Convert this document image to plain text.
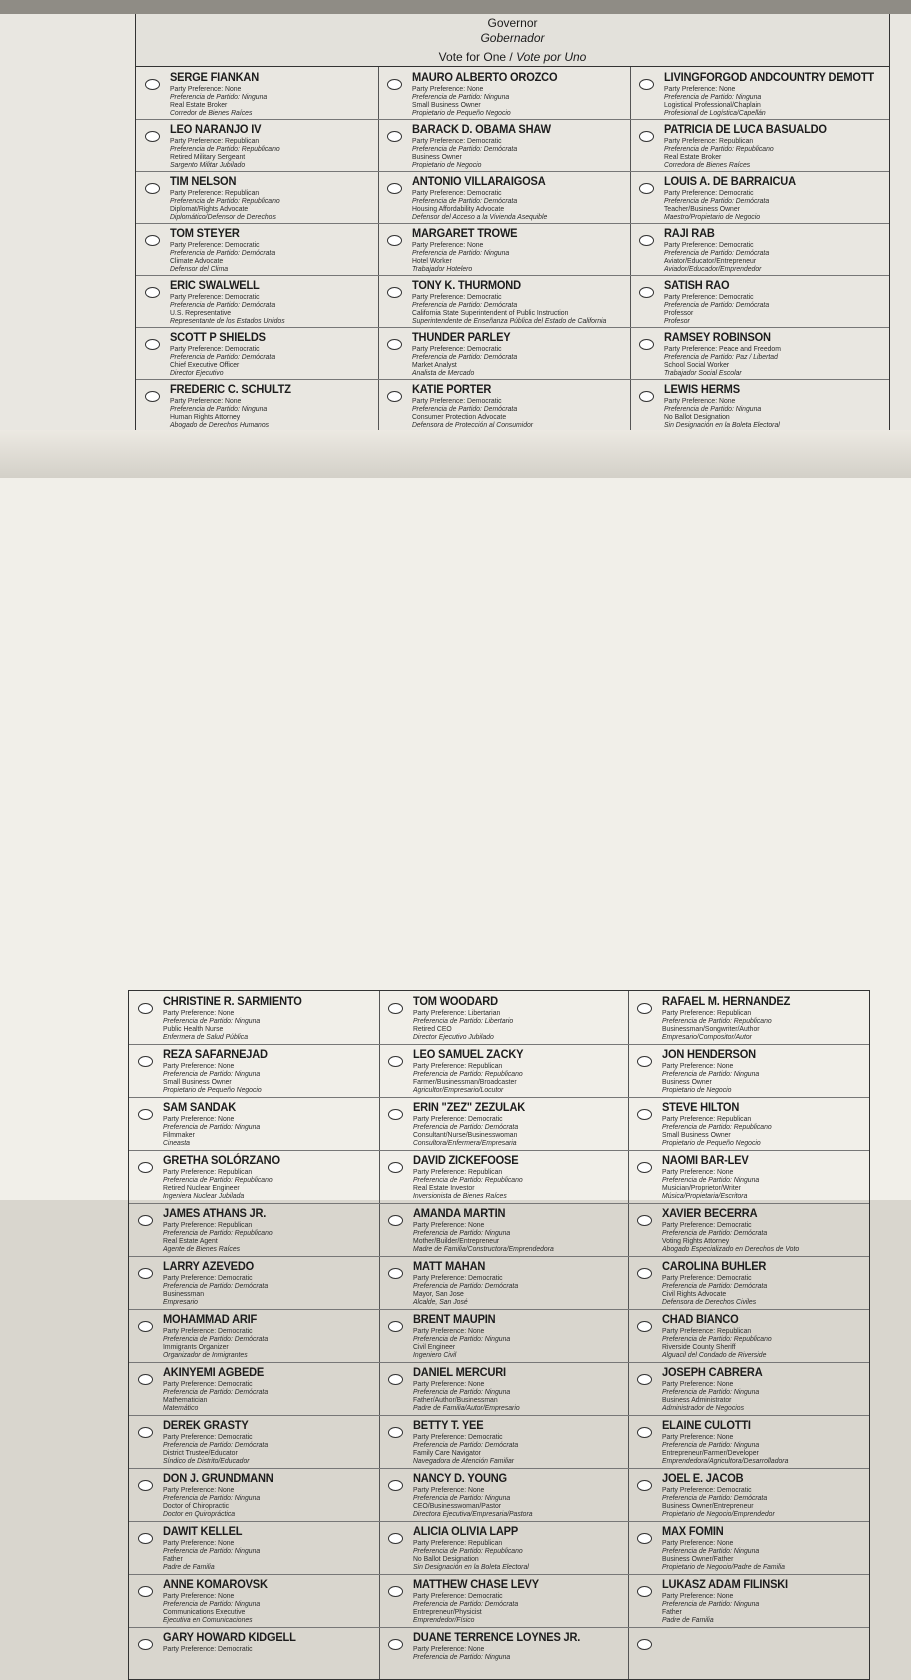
Governor
Gobernador
Vote for One / Vote por Uno
SERGE FIANKAN
Party Preference: None
Preferencia de Partido: Ninguna
Real Estate Broker
Corredor de Bienes Raíces
LEO NARANJO IV
Party Preference: Republican
Preferencia de Partido: Republicano
Retired Military Sergeant
Sargento Militar Jubilado
TIM NELSON
Party Preference: Republican
Preferencia de Partido: Republicano
Diplomat/Rights Advocate
Diplomático/Defensor de Derechos
TOM STEYER
Party Preference: Democratic
Preferencia de Partido: Demócrata
Climate Advocate
Defensor del Clima
ERIC SWALWELL
Party Preference: Democratic
Preferencia de Partido: Demócrata
U.S. Representative
Representante de los Estados Unidos
SCOTT P SHIELDS
Party Preference: Democratic
Preferencia de Partido: Demócrata
Chief Executive Officer
Director Ejecutivo
FREDERIC C. SCHULTZ
Party Preference: None
Preferencia de Partido: Ninguna
Human Rights Attorney
Abogado de Derechos Humanos
MAURO ALBERTO OROZCO
Party Preference: None
Preferencia de Partido: Ninguna
Small Business Owner
Propietario de Pequeño Negocio
BARACK D. OBAMA SHAW
Party Preference: Democratic
Preferencia de Partido: Demócrata
Business Owner
Propietario de Negocio
ANTONIO VILLARAIGOSA
Party Preference: Democratic
Preferencia de Partido: Demócrata
Housing Affordability Advocate
Defensor del Acceso a la Vivienda Asequible
MARGARET TROWE
Party Preference: None
Preferencia de Partido: Ninguna
Hotel Worker
Trabajador Hotelero
TONY K. THURMOND
Party Preference: Democratic
Preferencia de Partido: Demócrata
California State Superintendent of Public Instruction
Superintendente de Enseñanza Pública del Estado de California
THUNDER PARLEY
Party Preference: Democratic
Preferencia de Partido: Demócrata
Market Analyst
Analista de Mercado
KATIE PORTER
Party Preference: Democratic
Preferencia de Partido: Demócrata
Consumer Protection Advocate
Defensora de Protección al Consumidor
LIVINGFORGOD ANDCOUNTRY DEMOTT
Party Preference: None
Preferencia de Partido: Ninguna
Logistical Professional/Chaplain
Profesional de Logística/Capellán
PATRICIA DE LUCA BASUALDO
Party Preference: Republican
Preferencia de Partido: Republicano
Real Estate Broker
Corredora de Bienes Raíces
LOUIS A. DE BARRAICUA
Party Preference: Democratic
Preferencia de Partido: Demócrata
Teacher/Business Owner
Maestro/Propietario de Negocio
RAJI RAB
Party Preference: Democratic
Preferencia de Partido: Demócrata
Aviator/Educator/Entrepreneur
Aviador/Educador/Emprendedor
SATISH RAO
Party Preference: Democratic
Preferencia de Partido: Demócrata
Professor
Profesor
RAMSEY ROBINSON
Party Preference: Peace and Freedom
Preferencia de Partido: Paz / Libertad
School Social Worker
Trabajador Social Escolar
LEWIS HERMS
Party Preference: None
Preferencia de Partido: Ninguna
No Ballot Designation
Sin Designación en la Boleta Electoral
CHRISTINE R. SARMIENTO
Party Preference: None
Preferencia de Partido: Ninguna
Public Health Nurse
Enfermera de Salud Pública
REZA SAFARNEJAD
Party Preference: None
Preferencia de Partido: Ninguna
Small Business Owner
Propietario de Pequeño Negocio
SAM SANDAK
Party Preference: None
Preferencia de Partido: Ninguna
Filmmaker
Cineasta
GRETHA SOLÓRZANO
Party Preference: Republican
Preferencia de Partido: Republicano
Retired Nuclear Engineer
Ingeniera Nuclear Jubilada
JAMES ATHANS JR.
Party Preference: Republican
Preferencia de Partido: Republicano
Real Estate Agent
Agente de Bienes Raíces
LARRY AZEVEDO
Party Preference: Democratic
Preferencia de Partido: Demócrata
Businessman
Empresario
MOHAMMAD ARIF
Party Preference: Democratic
Preferencia de Partido: Demócrata
Immigrants Organizer
Organizador de Inmigrantes
AKINYEMI AGBEDE
Party Preference: Democratic
Preferencia de Partido: Demócrata
Mathematician
Matemático
DEREK GRASTY
Party Preference: Democratic
Preferencia de Partido: Demócrata
District Trustee/Educator
Síndico de Distrito/Educador
DON J. GRUNDMANN
Party Preference: None
Preferencia de Partido: Ninguna
Doctor of Chiropractic
Doctor en Quiropráctica
DAWIT KELLEL
Party Preference: None
Preferencia de Partido: Ninguna
Father
Padre de Familia
ANNE KOMAROVSK
Party Preference: None
Preferencia de Partido: Ninguna
Communications Executive
Ejecutiva en Comunicaciones
GARY HOWARD KIDGELL
Party Preference: Democratic
TOM WOODARD
Party Preference: Libertarian
Preferencia de Partido: Libertario
Retired CEO
Director Ejecutivo Jubilado
LEO SAMUEL ZACKY
Party Preference: Republican
Preferencia de Partido: Republicano
Farmer/Businessman/Broadcaster
Agricultor/Empresario/Locutor
ERIN "ZEZ" ZEZULAK
Party Preference: Democratic
Preferencia de Partido: Demócrata
Consultant/Nurse/Businesswoman
Consultora/Enfermera/Empresaria
DAVID ZICKEFOOSE
Party Preference: Republican
Preferencia de Partido: Republicano
Real Estate Investor
Inversionista de Bienes Raíces
AMANDA MARTIN
Party Preference: None
Preferencia de Partido: Ninguna
Mother/Builder/Entrepreneur
Madre de Familia/Constructora/Emprendedora
MATT MAHAN
Party Preference: Democratic
Preferencia de Partido: Demócrata
Mayor, San Jose
Alcalde, San José
BRENT MAUPIN
Party Preference: None
Preferencia de Partido: Ninguna
Civil Engineer
Ingeniero Civil
DANIEL MERCURI
Party Preference: None
Preferencia de Partido: Ninguna
Father/Author/Businessman
Padre de Familia/Autor/Empresario
BETTY T. YEE
Party Preference: Democratic
Preferencia de Partido: Demócrata
Family Care Navigator
Navegadora de Atención Familiar
NANCY D. YOUNG
Party Preference: None
Preferencia de Partido: Ninguna
CEO/Businesswoman/Pastor
Directora Ejecutiva/Empresaria/Pastora
ALICIA OLIVIA LAPP
Party Preference: Republican
Preferencia de Partido: Republicano
No Ballot Designation
Sin Designación en la Boleta Electoral
MATTHEW CHASE LEVY
Party Preference: Democratic
Preferencia de Partido: Demócrata
Entrepreneur/Physicist
Emprendedor/Físico
DUANE TERRENCE LOYNES JR.
Party Preference: None
Preferencia de Partido: Ninguna
RAFAEL M. HERNANDEZ
Party Preference: Republican
Preferencia de Partido: Republicano
Businessman/Songwriter/Author
Empresario/Compositor/Autor
JON HENDERSON
Party Preference: None
Preferencia de Partido: Ninguna
Business Owner
Propietario de Negocio
STEVE HILTON
Party Preference: Republican
Preferencia de Partido: Republicano
Small Business Owner
Propietario de Pequeño Negocio
NAOMI BAR-LEV
Party Preference: None
Preferencia de Partido: Ninguna
Musician/Proprietor/Writer
Música/Propietaria/Escritora
XAVIER BECERRA
Party Preference: Democratic
Preferencia de Partido: Demócrata
Voting Rights Attorney
Abogado Especializado en Derechos de Voto
CAROLINA BUHLER
Party Preference: Democratic
Preferencia de Partido: Demócrata
Civil Rights Advocate
Defensora de Derechos Civiles
CHAD BIANCO
Party Preference: Republican
Preferencia de Partido: Republicano
Riverside County Sheriff
Alguacil del Condado de Riverside
JOSEPH CABRERA
Party Preference: None
Preferencia de Partido: Ninguna
Business Administrator
Administrador de Negocios
ELAINE CULOTTI
Party Preference: None
Preferencia de Partido: Ninguna
Entrepreneur/Farmer/Developer
Emprendedora/Agricultora/Desarrolladora
JOEL E. JACOB
Party Preference: Democratic
Preferencia de Partido: Demócrata
Business Owner/Entrepreneur
Propietario de Negocio/Emprendedor
MAX FOMIN
Party Preference: None
Preferencia de Partido: Ninguna
Business Owner/Father
Propietario de Negocio/Padre de Familia
LUKASZ ADAM FILINSKI
Party Preference: None
Preferencia de Partido: Ninguna
Father
Padre de Familia
